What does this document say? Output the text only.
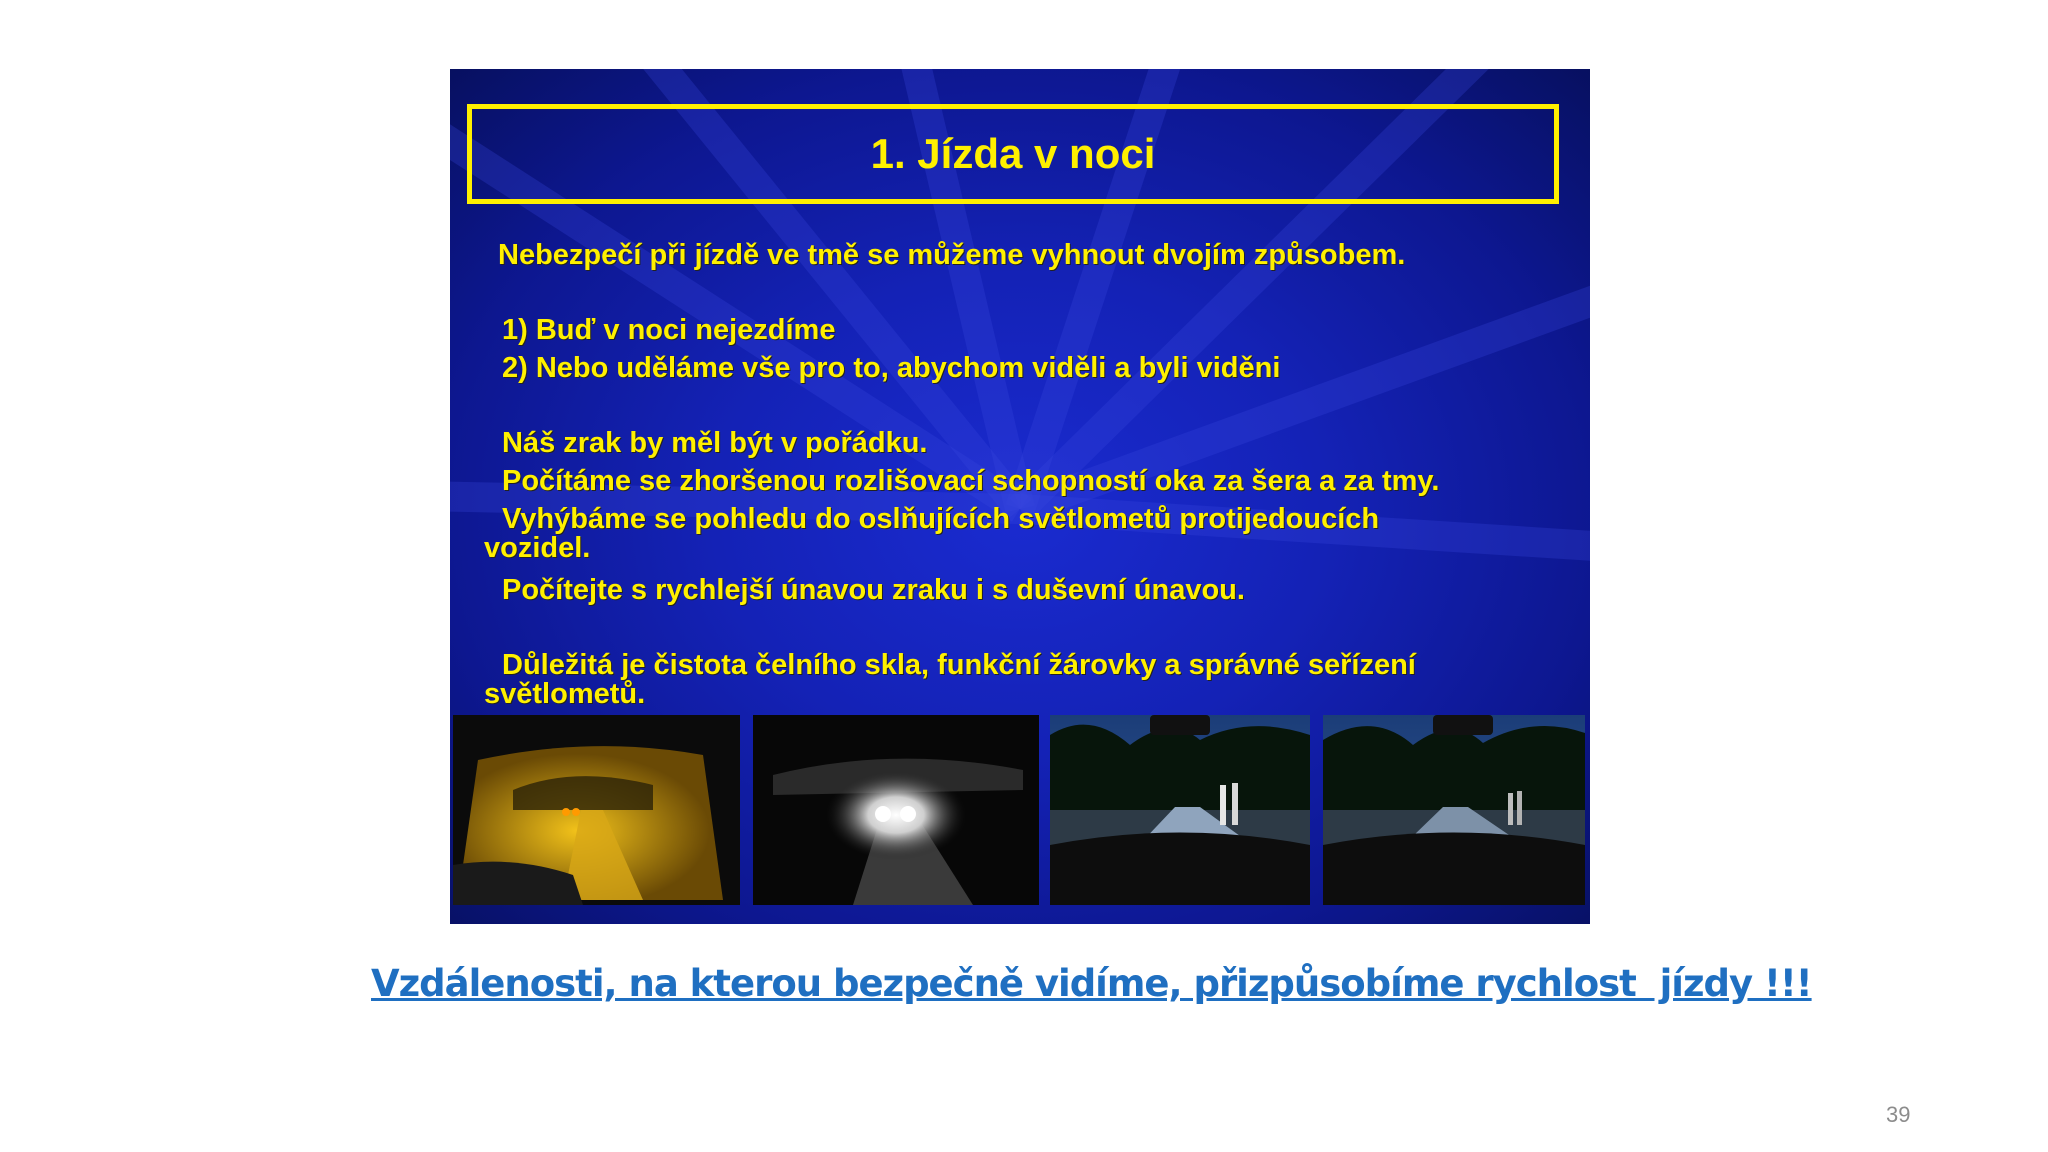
1. Jízda v noci
Nebezpečí při jízdě ve tmě se můžeme vyhnout dvojím způsobem.
1) Buď v noci nejezdíme
2) Nebo uděláme vše pro to, abychom viděli a byli viděni
Náš zrak by měl být v pořádku.
Počítáme se zhoršenou rozlišovací schopností oka za šera a za tmy.
Vyhýbáme se pohledu do oslňujících světlometů protijedoucích
vozidel.
Počítejte s rychlejší únavou zraku i s duševní únavou.
Důležitá je čistota čelního skla, funkční žárovky a správné seřízení
světlometů.
Vzdálenosti, na kterou bezpečně vidíme, přizpůsobíme rychlost  jízdy !!!
39
